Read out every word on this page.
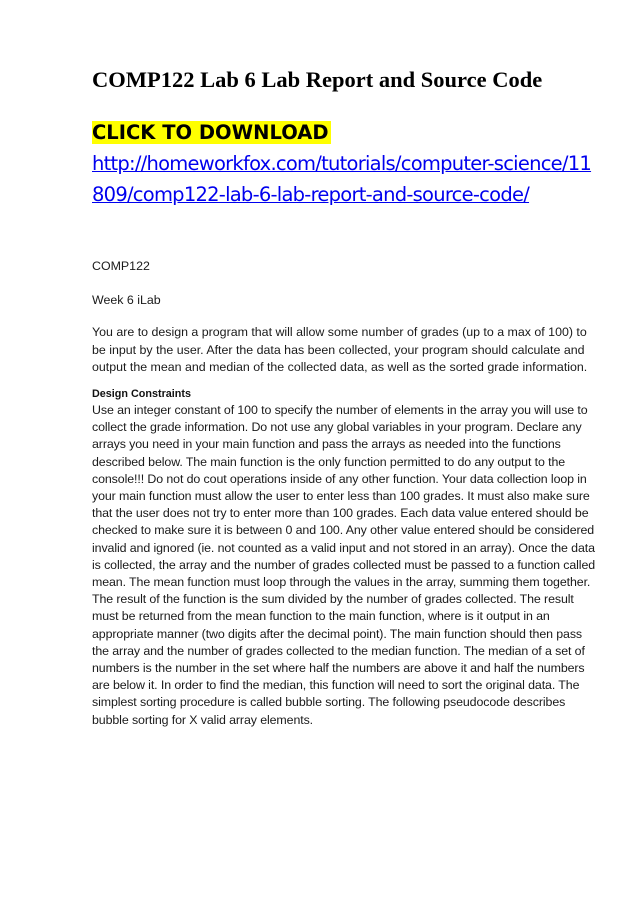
COMP122 Lab 6 Lab Report and Source Code
CLICK TO DOWNLOAD
http://homeworkfox.com/tutorials/computer-science/11809/comp122-lab-6-lab-report-and-source-code/

COMP122

Week 6 iLab

You are to design a program that will allow some number of grades (up to a max of 100) to be input by the user. After the data has been collected, your program should calculate and output the mean and median of the collected data, as well as the sorted grade information.

Design Constraints

Use an integer constant of 100 to specify the number of elements in the array you will use to collect the grade information. Do not use any global variables in your program. Declare any arrays you need in your main function and pass the arrays as needed into the functions described below. The main function is the only function permitted to do any output to the console!!! Do not do cout operations inside of any other function. Your data collection loop in your main function must allow the user to enter less than 100 grades. It must also make sure that the user does not try to enter more than 100 grades. Each data value entered should be checked to make sure it is between 0 and 100. Any other value entered should be considered invalid and ignored (ie. not counted as a valid input and not stored in an array). Once the data is collected, the array and the number of grades collected must be passed to a function called mean. The mean function must loop through the values in the array, summing them together. The result of the function is the sum divided by the number of grades collected. The result must be returned from the mean function to the main function, where is it output in an appropriate manner (two digits after the decimal point). The main function should then pass the array and the number of grades collected to the median function. The median of a set of numbers is the number in the set where half the numbers are above it and half the numbers are below it. In order to find the median, this function will need to sort the original data. The simplest sorting procedure is called bubble sorting. The following pseudocode describes bubble sorting for X valid array elements.
